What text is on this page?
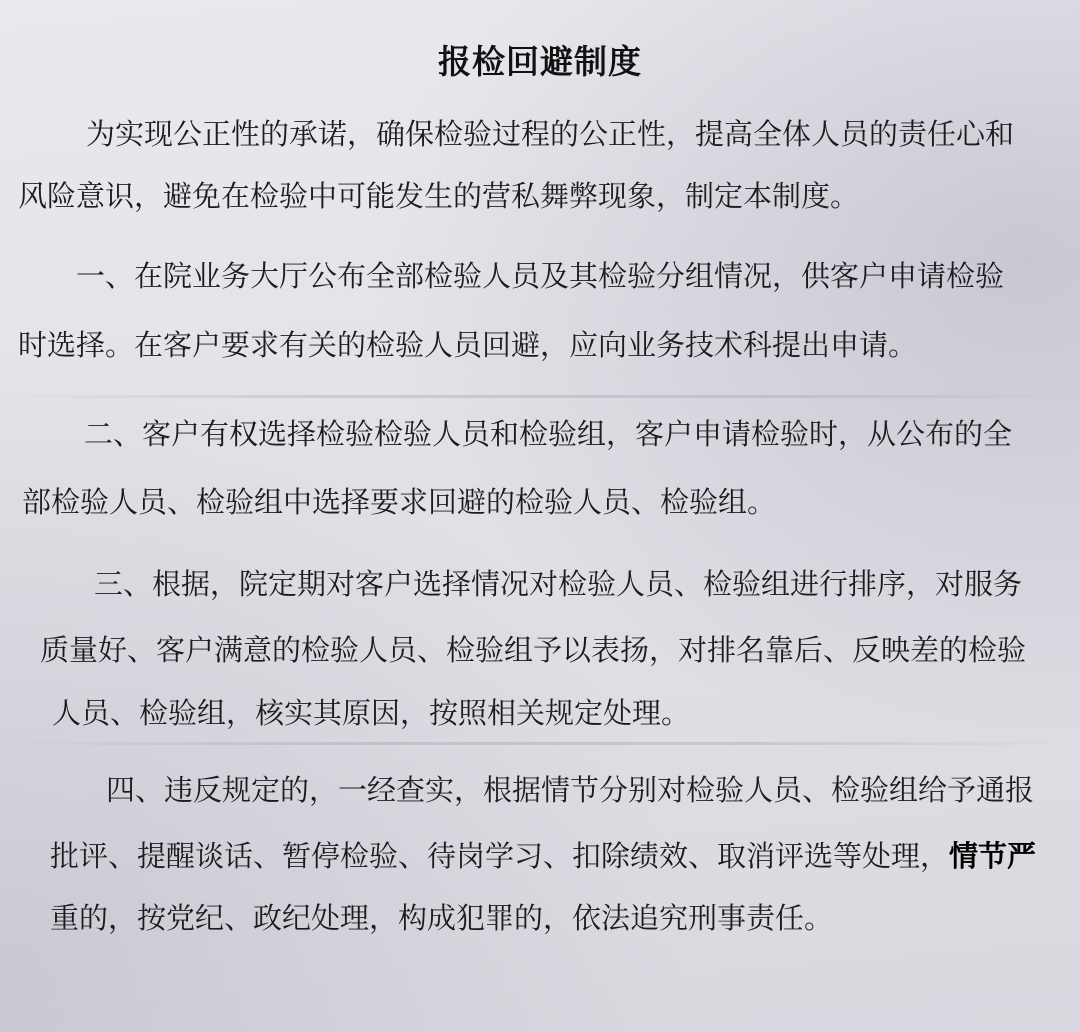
报检回避制度
为实现公正性的承诺，确保检验过程的公正性，提高全体人员的责任心和
风险意识，避免在检验中可能发生的营私舞弊现象，制定本制度。
一、在院业务大厅公布全部检验人员及其检验分组情况，供客户申请检验
时选择。在客户要求有关的检验人员回避，应向业务技术科提出申请。
二、客户有权选择检验检验人员和检验组，客户申请检验时，从公布的全
部检验人员、检验组中选择要求回避的检验人员、检验组。
三、根据，院定期对客户选择情况对检验人员、检验组进行排序，对服务
质量好、客户满意的检验人员、检验组予以表扬，对排名靠后、反映差的检验
人员、检验组，核实其原因，按照相关规定处理。
四、违反规定的，一经查实，根据情节分别对检验人员、检验组给予通报
批评、提醒谈话、暂停检验、待岗学习、扣除绩效、取消评选等处理，情节严
重的，按党纪、政纪处理，构成犯罪的，依法追究刑事责任。
